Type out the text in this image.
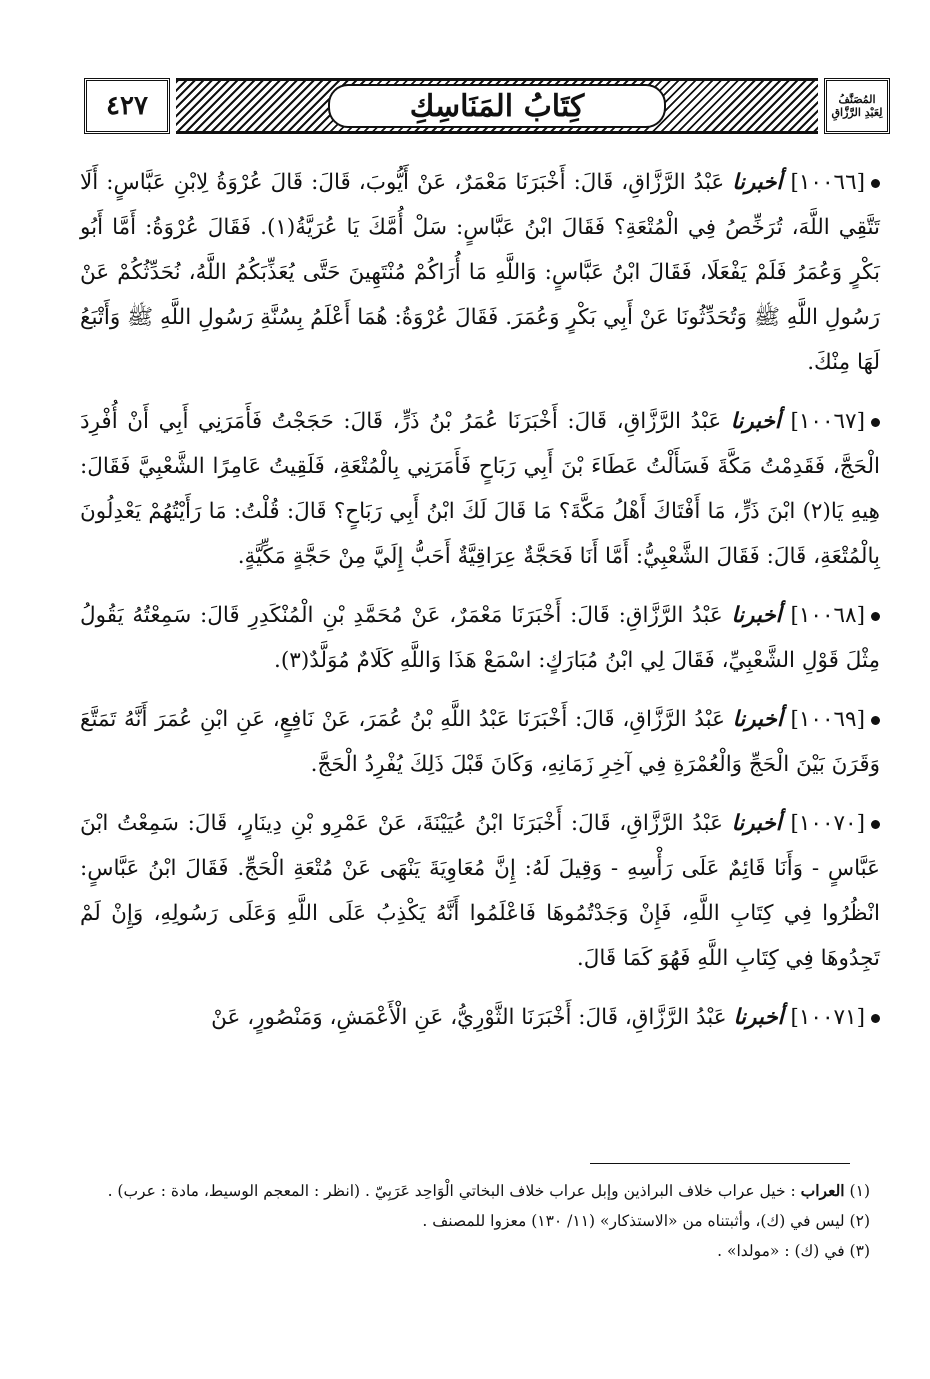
٤٢٧	كِتَابُ المَنَاسِكِ	المُصَنَّفُ
لِعَبْدِ الرَّزَّاقِ

[١٠٠٦٦] أخبرنا عَبْدُ الرَّزَّاقِ، قَالَ: أَخْبَرَنَا مَعْمَرٌ، عَنْ أَيُّوبَ، قَالَ: قَالَ عُرْوَةُ لِابْنِ عَبَّاسٍ: أَلَا تَتَّقِي اللَّهَ، تُرَخِّصُ فِي الْمُتْعَةِ؟ فَقَالَ ابْنُ عَبَّاسٍ: سَلْ أُمَّكَ يَا عُرَيَّةُ(١). فَقَالَ عُرْوَةُ: أَمَّا أَبُو بَكْرٍ وَعُمَرُ فَلَمْ يَفْعَلَا، فَقَالَ ابْنُ عَبَّاسٍ: وَاللَّهِ مَا أُرَاكُمْ مُنْتَهِينَ حَتَّى يُعَذِّبَكُمُ اللَّهُ، نُحَدِّثُكُمْ عَنْ رَسُولِ اللَّهِ ﷺ وَتُحَدِّثُونَا عَنْ أَبِي بَكْرٍ وَعُمَرَ. فَقَالَ عُرْوَةُ: هُمَا أَعْلَمُ بِسُنَّةِ رَسُولِ اللَّهِ ﷺ وَأَتْبَعُ لَهَا مِنْكَ.

[١٠٠٦٧] أخبرنا عَبْدُ الرَّزَّاقِ، قَالَ: أَخْبَرَنَا عُمَرُ بْنُ ذَرٍّ، قَالَ: حَجَجْتُ فَأَمَرَنِي أَبِي أَنْ أُفْرِدَ الْحَجَّ، فَقَدِمْتُ مَكَّةَ فَسَأَلْتُ عَطَاءَ بْنَ أَبِي رَبَاحٍ فَأَمَرَنِي بِالْمُتْعَةِ، فَلَقِيتُ عَامِرًا الشَّعْبِيَّ فَقَالَ: هِيهِ يَا(٢) ابْنَ ذَرٍّ، مَا أَفْتَاكَ أَهْلُ مَكَّةَ؟ مَا قَالَ لَكَ ابْنُ أَبِي رَبَاحٍ؟ قَالَ: قُلْتُ: مَا رَأَيْتُهُمْ يَعْدِلُونَ بِالْمُتْعَةِ، قَالَ: فَقَالَ الشَّعْبِيُّ: أَمَّا أَنَا فَحَجَّةٌ عِرَاقِيَّةٌ أَحَبُّ إِلَيَّ مِنْ حَجَّةٍ مَكِّيَّةٍ.

[١٠٠٦٨] أخبرنا عَبْدُ الرَّزَّاقِ: قَالَ: أَخْبَرَنَا مَعْمَرٌ، عَنْ مُحَمَّدِ بْنِ الْمُنْكَدِرِ قَالَ: سَمِعْتُهُ يَقُولُ مِثْلَ قَوْلِ الشَّعْبِيِّ، فَقَالَ لِي ابْنُ مُبَارَكٍ: اسْمَعْ هَذَا وَاللَّهِ كَلَامٌ مُوَلَّدٌ(٣).

[١٠٠٦٩] أخبرنا عَبْدُ الرَّزَّاقِ، قَالَ: أَخْبَرَنَا عَبْدُ اللَّهِ بْنُ عُمَرَ، عَنْ نَافِعٍ، عَنِ ابْنِ عُمَرَ أَنَّهُ تَمَتَّعَ وَقَرَنَ بَيْنَ الْحَجِّ وَالْعُمْرَةِ فِي آخِرِ زَمَانِهِ، وَكَانَ قَبْلَ ذَلِكَ يُفْرِدُ الْحَجَّ.

[١٠٠٧٠] أخبرنا عَبْدُ الرَّزَّاقِ، قَالَ: أَخْبَرَنَا ابْنُ عُيَيْنَةَ، عَنْ عَمْرِو بْنِ دِينَارٍ، قَالَ: سَمِعْتُ ابْنَ عَبَّاسٍ - وَأَنَا قَائِمٌ عَلَى رَأْسِهِ - وَقِيلَ لَهُ: إِنَّ مُعَاوِيَةَ يَنْهَى عَنْ مُتْعَةِ الْحَجِّ. فَقَالَ ابْنُ عَبَّاسٍ: انْظُرُوا فِي كِتَابِ اللَّهِ، فَإِنْ وَجَدْتُمُوهَا فَاعْلَمُوا أَنَّهُ يَكْذِبُ عَلَى اللَّهِ وَعَلَى رَسُولِهِ، وَإِنْ لَمْ تَجِدُوهَا فِي كِتَابِ اللَّهِ فَهُوَ كَمَا قَالَ.

[١٠٠٧١] أخبرنا عَبْدُ الرَّزَّاقِ، قَالَ: أَخْبَرَنَا الثَّوْرِيُّ، عَنِ الْأَعْمَشِ، وَمَنْصُورٍ، عَنْ

(١) العراب : خيل عراب خلاف البراذين وإبل عراب خلاف البخاتي الْوَاحِد عَرَبِيّ . (انظر : المعجم الوسيط، مادة : عرب) .

(٢) ليس في (ك)، وأثبتناه من «الاستذكار» (١١/ ١٣٠) معزوا للمصنف .

(٣) في (ك) : «مولدا» .
